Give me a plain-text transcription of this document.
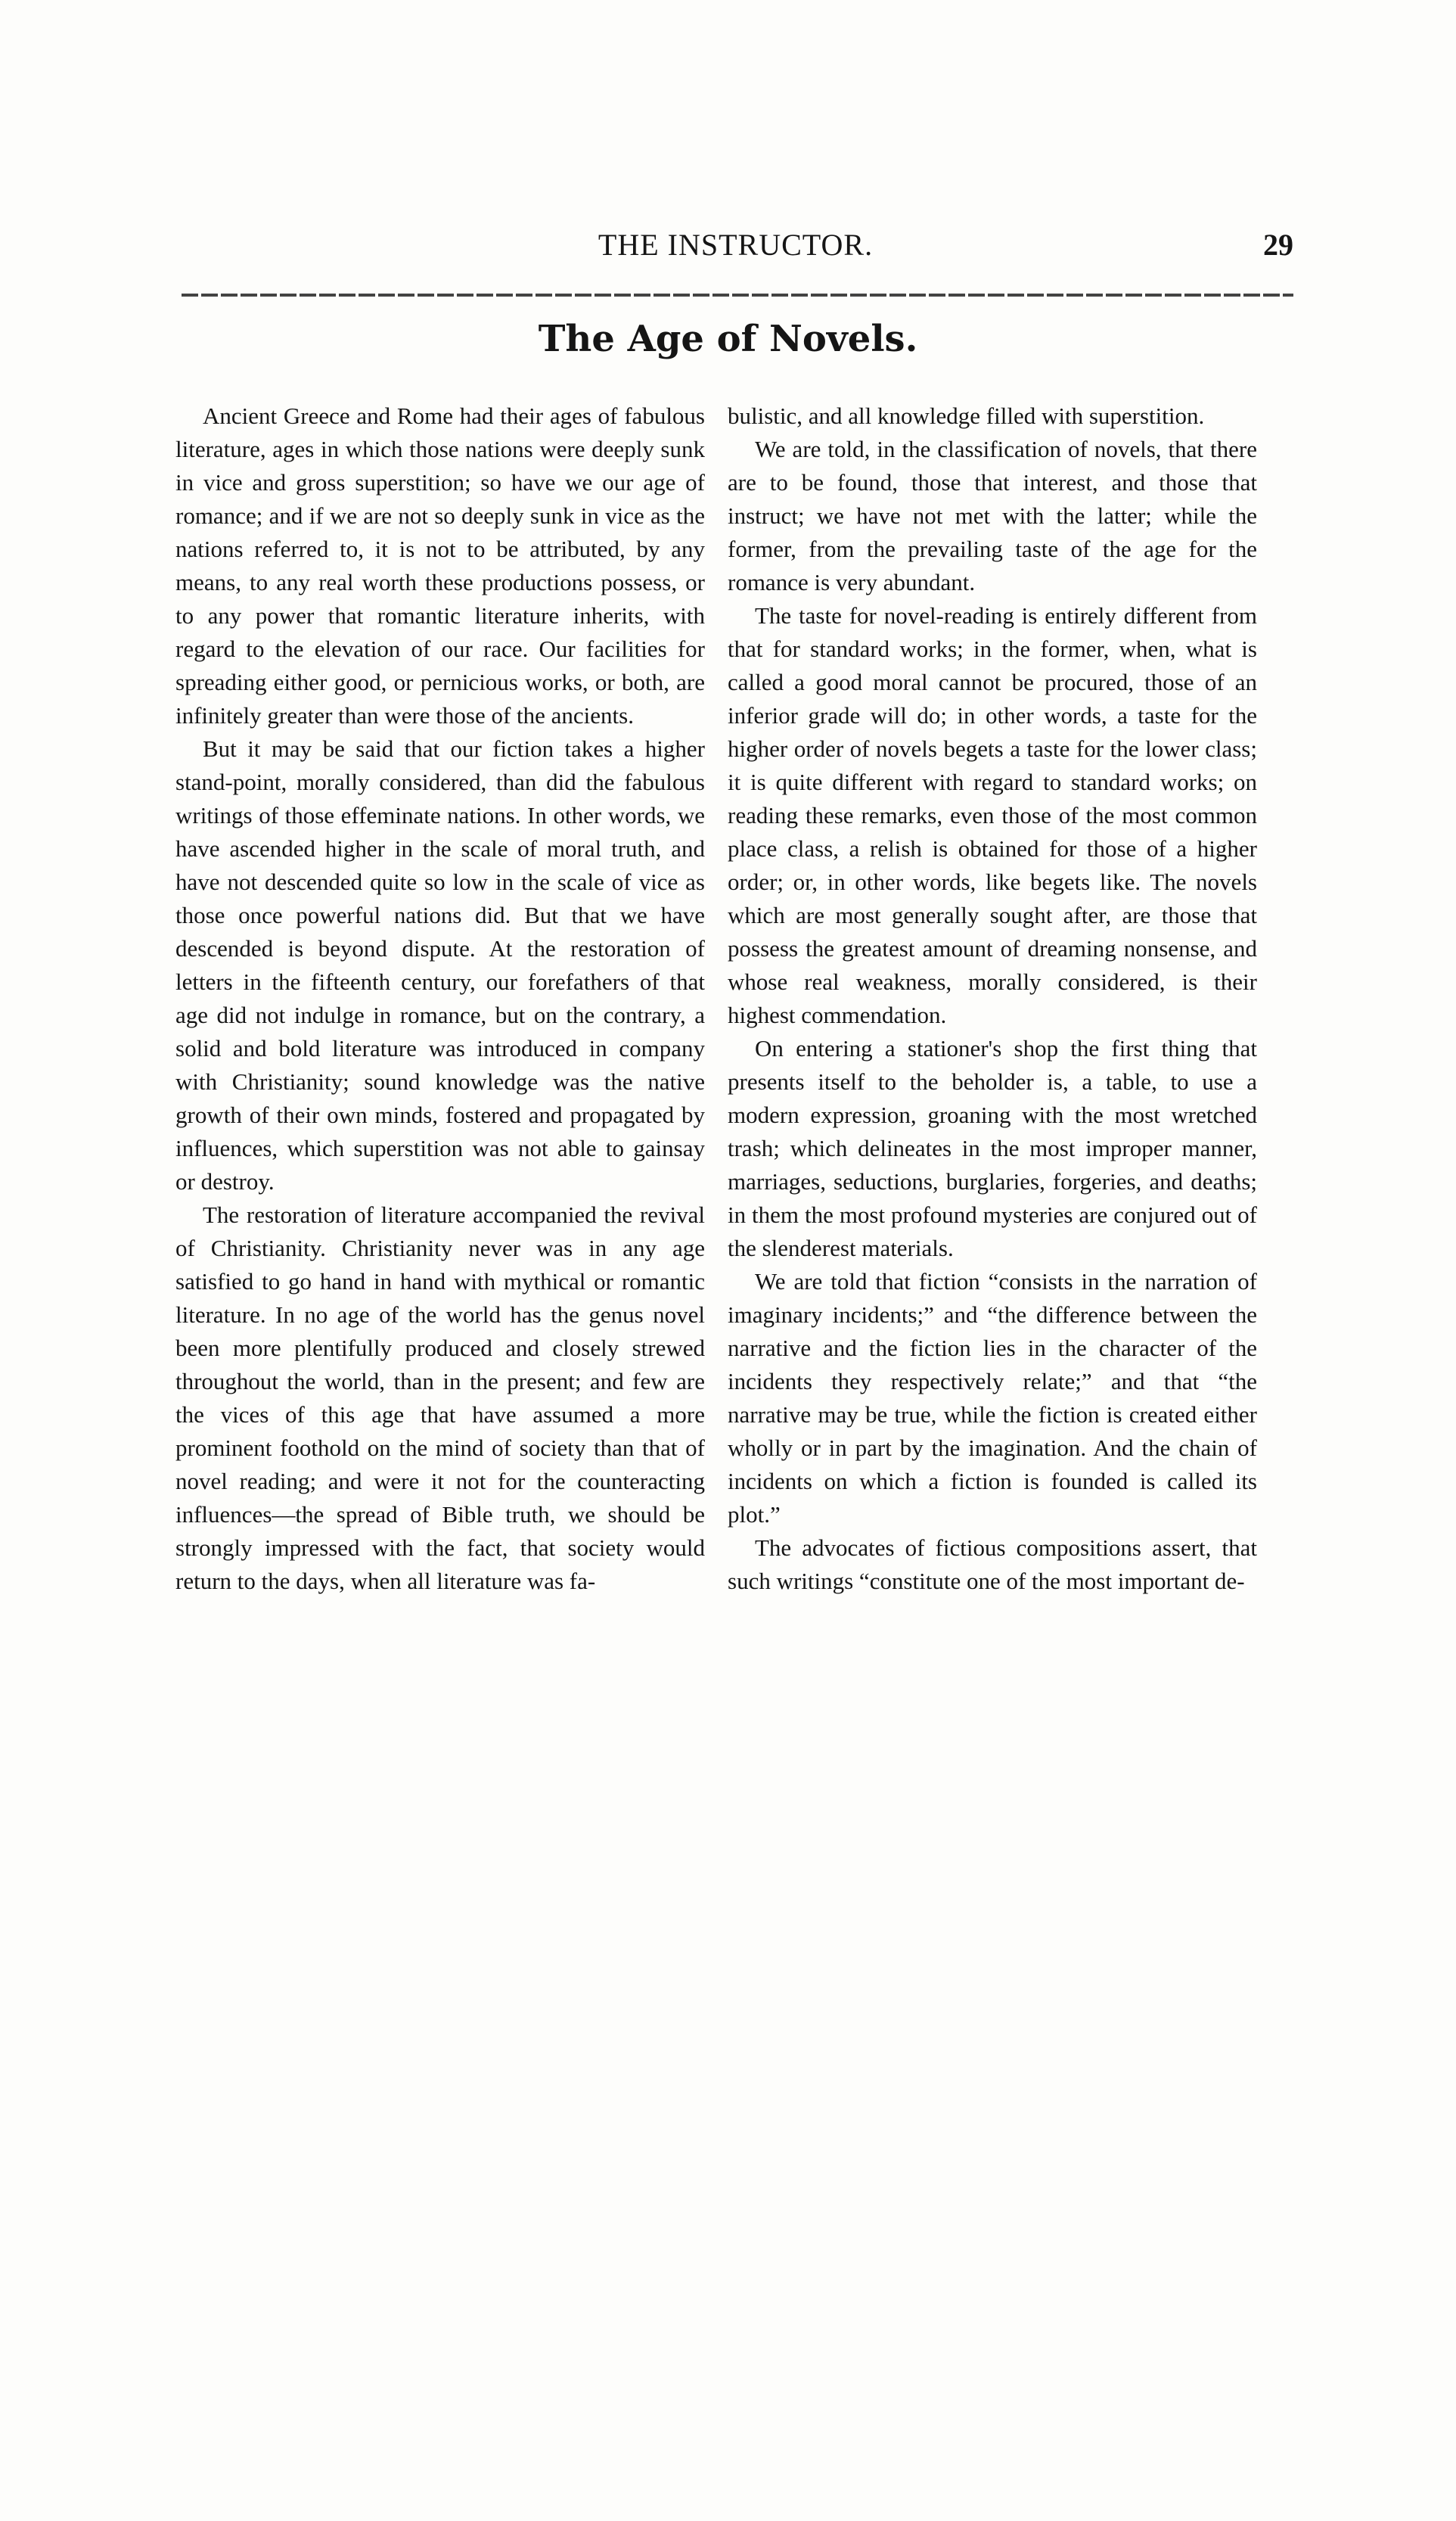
THE INSTRUCTOR.	29
The Age of Novels.

Ancient Greece and Rome had their ages of fabulous literature, ages in which those nations were deeply sunk in vice and gross superstition; so have we our age of romance; and if we are not so deeply sunk in vice as the nations referred to, it is not to be attributed, by any means, to any real worth these productions possess, or to any power that romantic literature inherits, with regard to the elevation of our race. Our facilities for spreading either good, or pernicious works, or both, are infinitely greater than were those of the ancients.

But it may be said that our fiction takes a higher stand-point, morally considered, than did the fabulous writings of those effeminate nations. In other words, we have ascended higher in the scale of moral truth, and have not descended quite so low in the scale of vice as those once powerful nations did. But that we have descended is beyond dispute. At the restoration of letters in the fifteenth century, our forefathers of that age did not indulge in romance, but on the contrary, a solid and bold literature was introduced in company with Christianity; sound knowledge was the native growth of their own minds, fostered and propagated by influences, which superstition was not able to gainsay or destroy.

The restoration of literature accompanied the revival of Christianity. Christianity never was in any age satisfied to go hand in hand with mythical or romantic literature. In no age of the world has the genus novel been more plentifully produced and closely strewed throughout the world, than in the present; and few are the vices of this age that have assumed a more prominent foothold on the mind of society than that of novel reading; and were it not for the counteracting influences—the spread of Bible truth, we should be strongly impressed with the fact, that society would return to the days, when all literature was fa-

bulistic, and all knowledge filled with superstition.

We are told, in the classification of novels, that there are to be found, those that interest, and those that instruct; we have not met with the latter; while the former, from the prevailing taste of the age for the romance is very abundant.

The taste for novel-reading is entirely different from that for standard works; in the former, when, what is called a good moral cannot be procured, those of an inferior grade will do; in other words, a taste for the higher order of novels begets a taste for the lower class; it is quite different with regard to standard works; on reading these remarks, even those of the most common place class, a relish is obtained for those of a higher order; or, in other words, like begets like. The novels which are most generally sought after, are those that possess the greatest amount of dreaming nonsense, and whose real weakness, morally considered, is their highest commendation.

On entering a stationer's shop the first thing that presents itself to the beholder is, a table, to use a modern expression, groaning with the most wretched trash; which delineates in the most improper manner, marriages, seductions, burglaries, forgeries, and deaths; in them the most profound mysteries are conjured out of the slenderest materials.

We are told that fiction “consists in the narration of imaginary incidents;” and “the difference between the narrative and the fiction lies in the character of the incidents they respectively relate;” and that “the narrative may be true, while the fiction is created either wholly or in part by the imagination. And the chain of incidents on which a fiction is founded is called its plot.”

The advocates of fictious compositions assert, that such writings “constitute one of the most important de-
